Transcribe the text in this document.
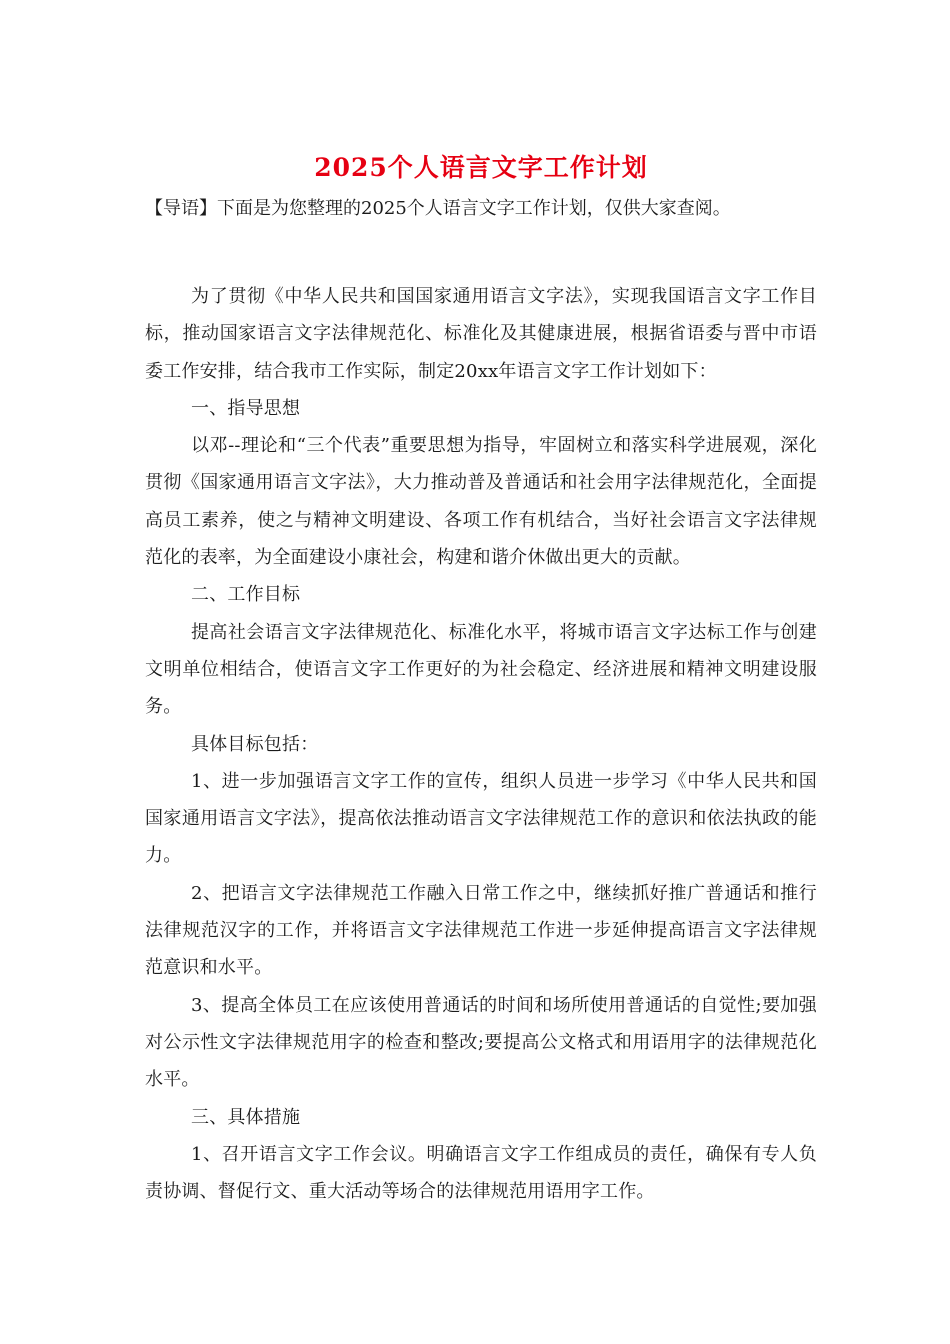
2025个人语言文字工作计划

【导语】下面是为您整理的2025个人语言文字工作计划，仅供大家查阅。

为了贯彻《中华人民共和国国家通用语言文字法》，实现我国语言文字工作目标，推动国家语言文字法律规范化、标准化及其健康进展，根据省语委与晋中市语委工作安排，结合我市工作实际，制定20xx年语言文字工作计划如下：

一、指导思想

以邓--理论和“三个代表”重要思想为指导，牢固树立和落实科学进展观，深化贯彻《国家通用语言文字法》，大力推动普及普通话和社会用字法律规范化，全面提高员工素养，使之与精神文明建设、各项工作有机结合，当好社会语言文字法律规范化的表率，为全面建设小康社会，构建和谐介休做出更大的贡献。

二、工作目标

提高社会语言文字法律规范化、标准化水平，将城市语言文字达标工作与创建文明单位相结合，使语言文字工作更好的为社会稳定、经济进展和精神文明建设服务。

具体目标包括：

1、进一步加强语言文字工作的宣传，组织人员进一步学习《中华人民共和国国家通用语言文字法》，提高依法推动语言文字法律规范工作的意识和依法执政的能力。

2、把语言文字法律规范工作融入日常工作之中，继续抓好推广普通话和推行法律规范汉字的工作，并将语言文字法律规范工作进一步延伸提高语言文字法律规范意识和水平。

3、提高全体员工在应该使用普通话的时间和场所使用普通话的自觉性;要加强对公示性文字法律规范用字的检查和整改;要提高公文格式和用语用字的法律规范化水平。

三、具体措施

1、召开语言文字工作会议。明确语言文字工作组成员的责任，确保有专人负责协调、督促行文、重大活动等场合的法律规范用语用字工作。
